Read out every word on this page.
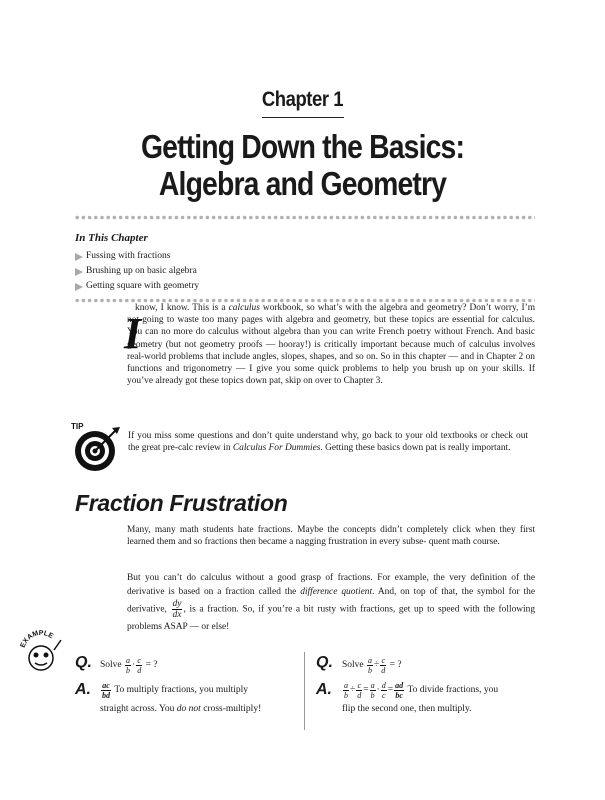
Chapter 1
Getting Down the Basics:
Algebra and Geometry
In This Chapter
Fussing with fractions
Brushing up on basic algebra
Getting square with geometry
I
know, I know. This is a calculus workbook, so what’s with the algebra and geometry? Don’t worry, I’m not going to waste too many pages with algebra and geometry, but these topics are essential for calculus. You can no more do calculus without algebra than you can write French poetry without French. And basic geometry (but not geometry proofs — hooray!) is critically important because much of calculus involves real-world problems that include angles, slopes, shapes, and so on. So in this chapter — and in Chapter 2 on functions and trigonometry — I give you some quick problems to help you brush up on your skills. If you’ve already got these topics down pat, skip on over to Chapter 3.
TIP
If you miss some questions and don’t quite understand why, go back to your old textbooks or check out the great pre-calc review in Calculus For Dummies. Getting these basics down pat is really important.
Fraction Frustration
Many, many math students hate fractions. Maybe the concepts didn’t completely click when they first learned them and so fractions then became a nagging frustration in every subse- quent math course.
But you can’t do calculus without a good grasp of fractions. For example, the very definition of the derivative is based on a fraction called the difference quotient. And, on top of that, the symbol for the derivative, $\frac{dy}{dx}$ , is a fraction. So, if you’re a bit rusty with fractions, get up to speed with the following problems ASAP — or else!
EXAMPLE
Q. Solve
$\frac{a}{b} \cdot \frac{c}{d}$
= ?
A. $\frac{ac}{bd}$
To multiply fractions, you multiply
straight across. You do not cross-multiply!
Q. Solve
$\frac{a}{b} \div \frac{c}{d}$
= ?
A. $\frac{a}{b} \div \frac{c}{d} = \frac{a}{b} \cdot \frac{d}{c} = \frac{ad}{bc}$
To divide fractions, you
flip the second one, then multiply.
